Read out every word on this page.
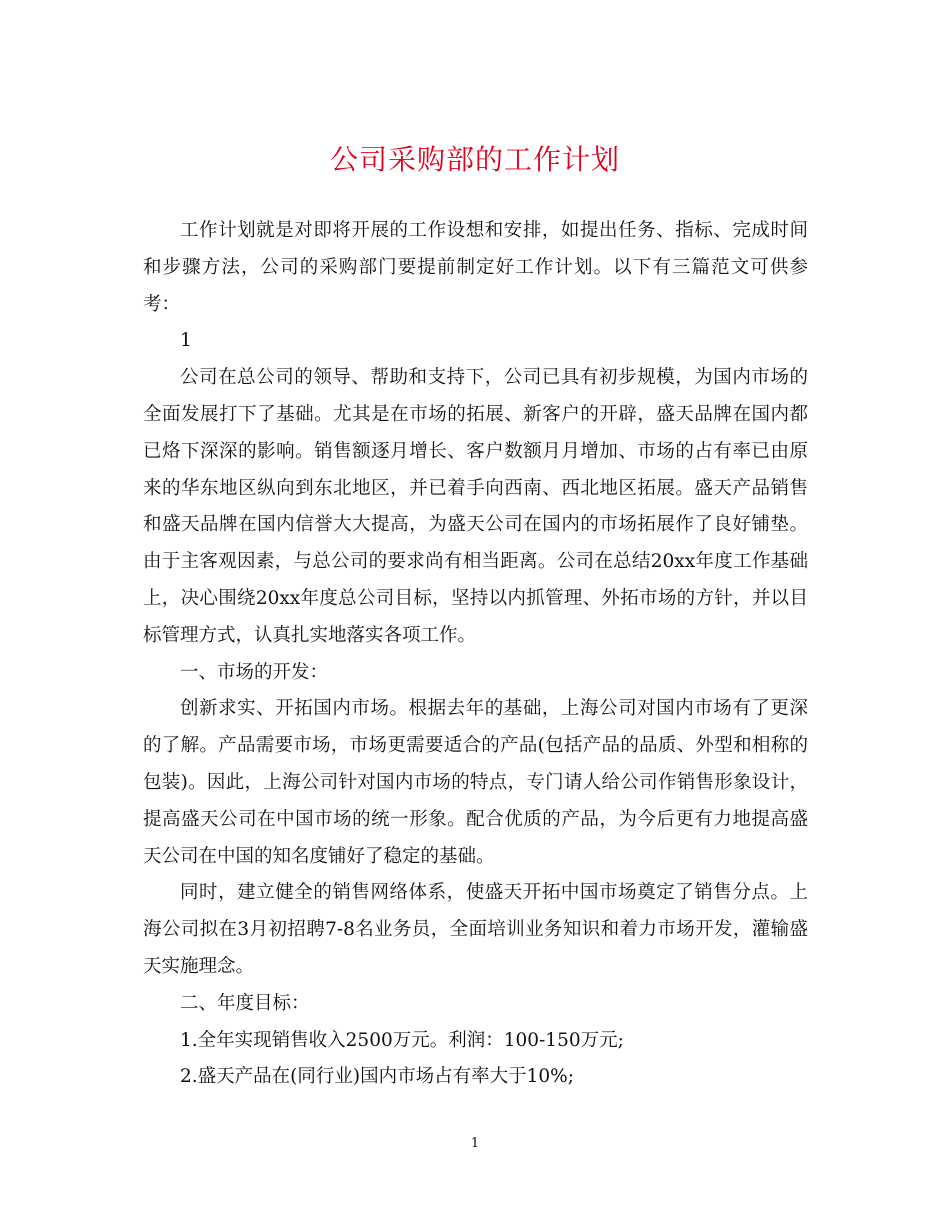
公司采购部的工作计划

工作计划就是对即将开展的工作设想和安排，如提出任务、指标、完成时间和步骤方法，公司的采购部门要提前制定好工作计划。以下有三篇范文可供参考：

1

公司在总公司的领导、帮助和支持下，公司已具有初步规模，为国内市场的全面发展打下了基础。尤其是在市场的拓展、新客户的开辟，盛天品牌在国内都已烙下深深的影响。销售额逐月增长、客户数额月月增加、市场的占有率已由原来的华东地区纵向到东北地区，并已着手向西南、西北地区拓展。盛天产品销售和盛天品牌在国内信誉大大提高，为盛天公司在国内的市场拓展作了良好铺垫。由于主客观因素，与总公司的要求尚有相当距离。公司在总结20xx年度工作基础上，决心围绕20xx年度总公司目标，坚持以内抓管理、外拓市场的方针，并以目标管理方式，认真扎实地落实各项工作。

一、市场的开发：

创新求实、开拓国内市场。根据去年的基础，上海公司对国内市场有了更深的了解。产品需要市场，市场更需要适合的产品(包括产品的品质、外型和相称的包装)。因此，上海公司针对国内市场的特点，专门请人给公司作销售形象设计，提高盛天公司在中国市场的统一形象。配合优质的产品，为今后更有力地提高盛天公司在中国的知名度铺好了稳定的基础。

同时，建立健全的销售网络体系，使盛天开拓中国市场奠定了销售分点。上海公司拟在3月初招聘7-8名业务员，全面培训业务知识和着力市场开发，灌输盛天实施理念。

二、年度目标：

1.全年实现销售收入2500万元。利润：100-150万元;

2.盛天产品在(同行业)国内市场占有率大于10%;

1
